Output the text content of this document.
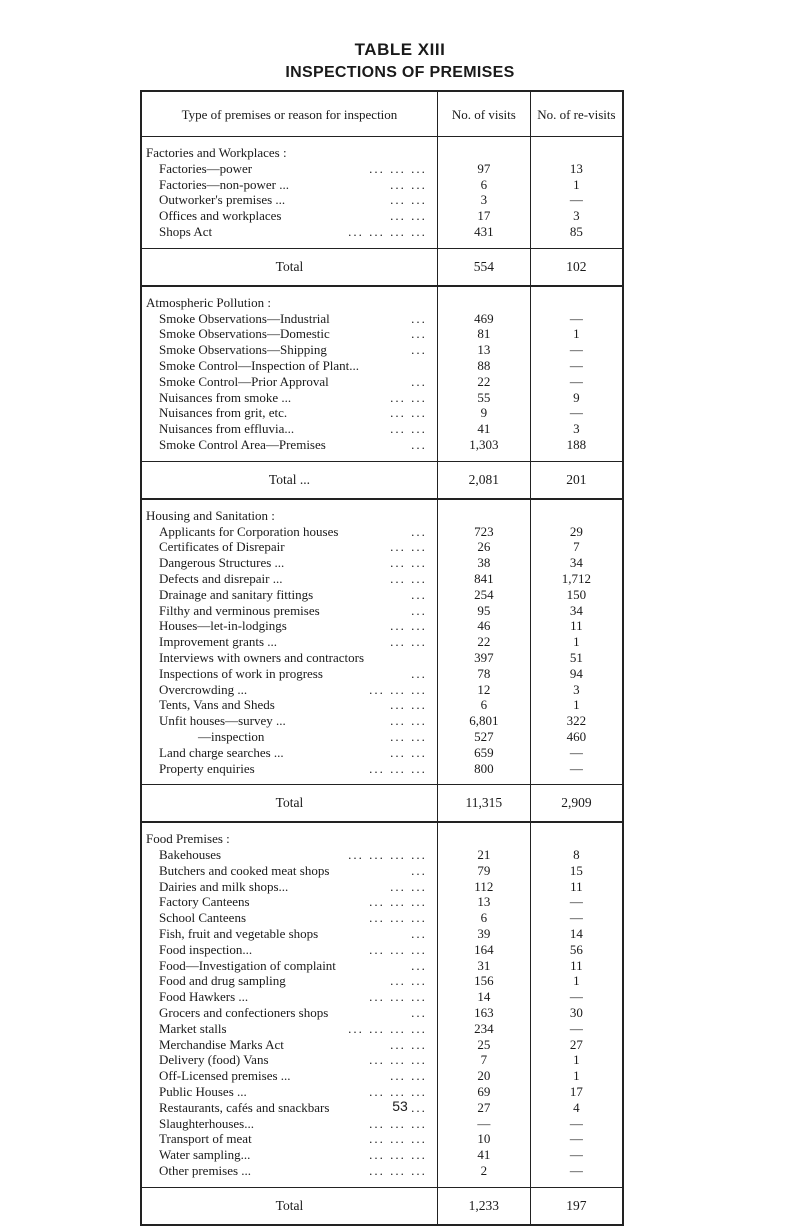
TABLE XIII
INSPECTIONS OF PREMISES
Type of premises or reason for inspection	No. of visits	No. of re-visits
Factories and Workplaces :		

... ... ...
Factories—power	97	13

... ...
Factories—non-power ...	6	1

... ...
Outworker's premises ...	3	—

... ...
Offices and workplaces	17	3

... ... ... ...
Shops Act	431	85

Total	554	102
Atmospheric Pollution :		

...
Smoke Observations—Industrial	469	—

...
Smoke Observations—Domestic	81	1

...
Smoke Observations—Shipping	13	—

Smoke Control—Inspection of Plant...	88	—

...
Smoke Control—Prior Approval	22	—

... ...
Nuisances from smoke ...	55	9

... ...
Nuisances from grit, etc.	9	—

... ...
Nuisances from effluvia...	41	3

...
Smoke Control Area—Premises	1,303	188

Total ...	2,081	201
Housing and Sanitation :		

...
Applicants for Corporation houses	723	29

... ...
Certificates of Disrepair	26	7

... ...
Dangerous Structures ...	38	34

... ...
Defects and disrepair ...	841	1,712

...
Drainage and sanitary fittings	254	150

...
Filthy and verminous premises	95	34

... ...
Houses—let-in-lodgings	46	11

... ...
Improvement grants ...	22	1

Interviews with owners and contractors	397	51

...
Inspections of work in progress	78	94

... ... ...
Overcrowding ...	12	3

... ...
Tents, Vans and Sheds	6	1

... ...
Unfit houses—survey ...	6,801	322

... ...
—inspection	527	460

... ...
Land charge searches ...	659	—

... ... ...
Property enquiries	800	—

Total	11,315	2,909
Food Premises :		

... ... ... ...
Bakehouses	21	8

...
Butchers and cooked meat shops	79	15

... ...
Dairies and milk shops...	112	11

... ... ...
Factory Canteens	13	—

... ... ...
School Canteens	6	—

...
Fish, fruit and vegetable shops	39	14

... ... ...
Food inspection...	164	56

...
Food—Investigation of complaint	31	11

... ...
Food and drug sampling	156	1

... ... ...
Food Hawkers ...	14	—

...
Grocers and confectioners shops	163	30

... ... ... ...
Market stalls	234	—

... ...
Merchandise Marks Act	25	27

... ... ...
Delivery (food) Vans	7	1

... ...
Off-Licensed premises ...	20	1

... ... ...
Public Houses ...	69	17

...
Restaurants, cafés and snackbars	27	4

... ... ...
Slaughterhouses...	—	—

... ... ...
Transport of meat	10	—

... ... ...
Water sampling...	41	—

... ... ...
Other premises ...	2	—

Total	1,233	197
53
